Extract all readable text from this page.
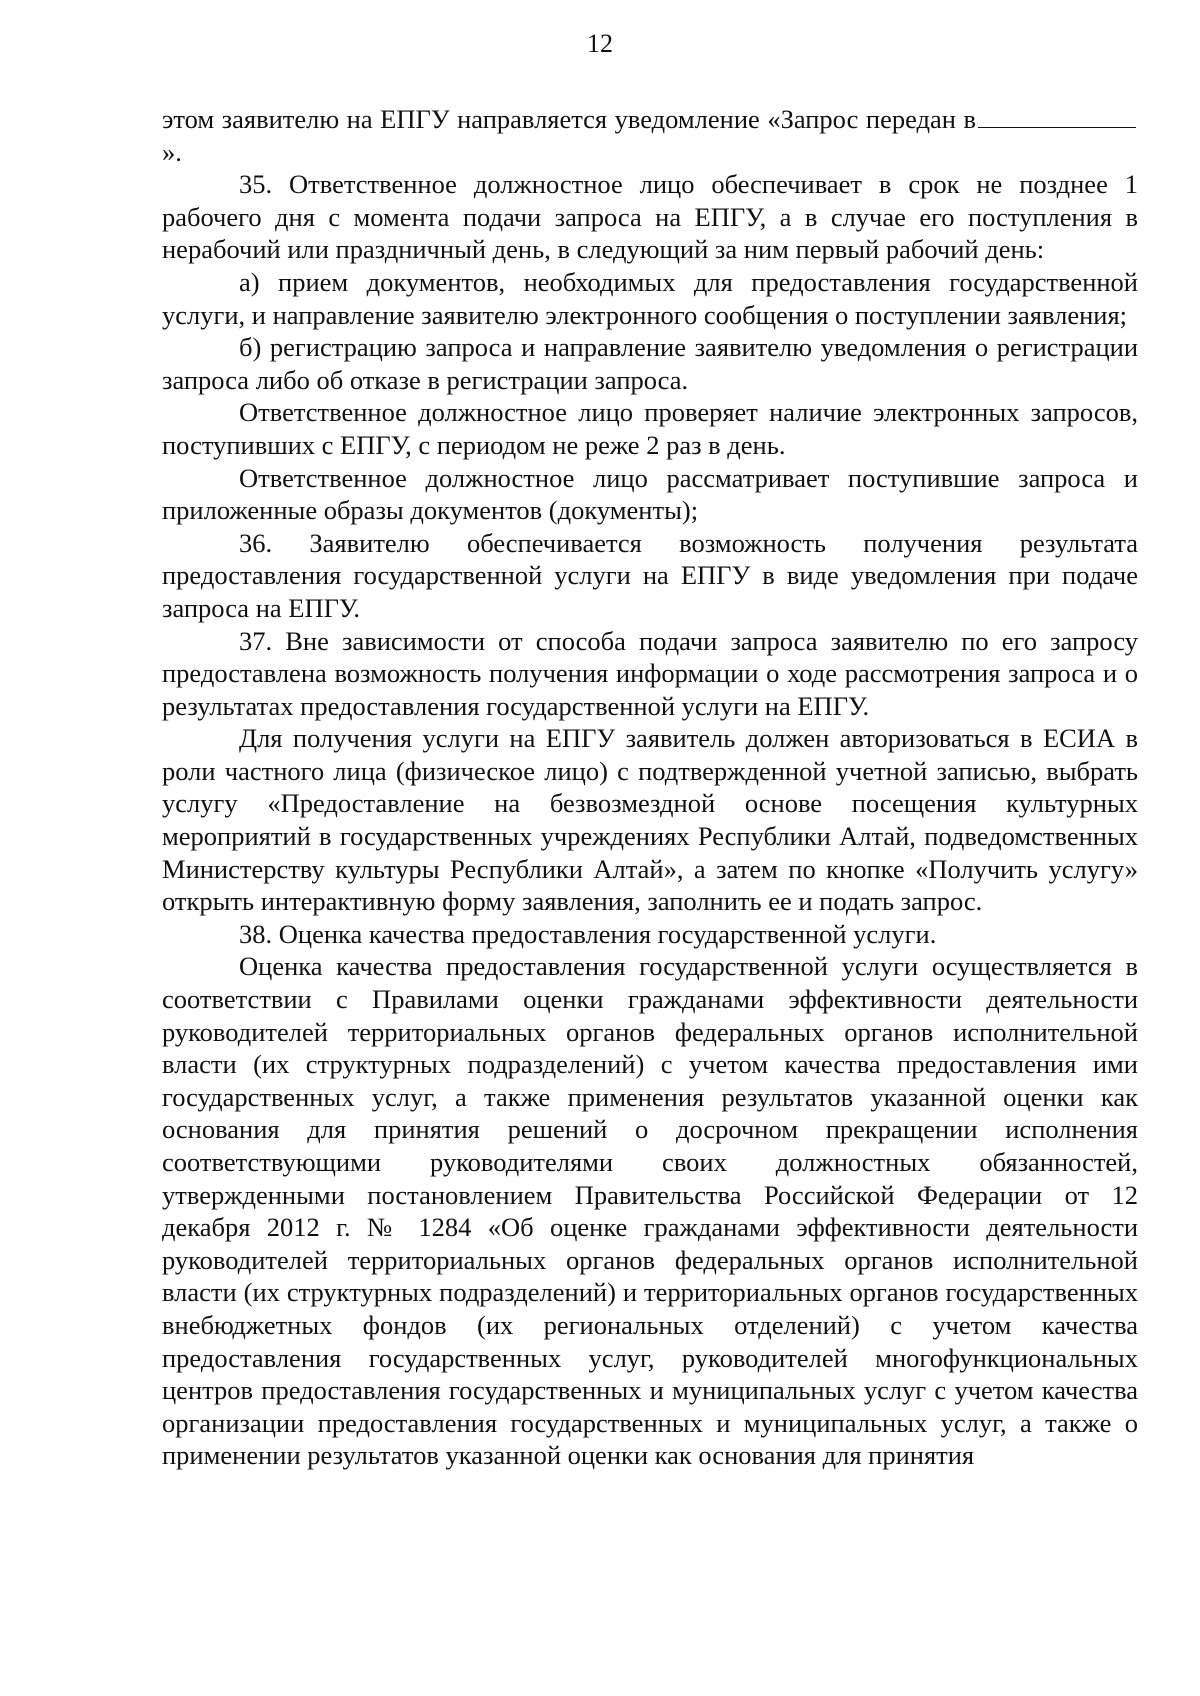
12

этом заявителю на ЕПГУ направляется уведомление «Запрос передан в».

35. Ответственное должностное лицо обеспечивает в срок не позднее 1 рабочего дня с момента подачи запроса на ЕПГУ, а в случае его поступления в нерабочий или праздничный день, в следующий за ним первый рабочий день:

а) прием документов, необходимых для предоставления государственной услуги, и направление заявителю электронного сообщения о поступлении заявления;

б) регистрацию запроса и направление заявителю уведомления о регистрации запроса либо об отказе в регистрации запроса.

Ответственное должностное лицо проверяет наличие электронных запросов, поступивших с ЕПГУ, с периодом не реже 2 раз в день.

Ответственное должностное лицо рассматривает поступившие запроса и приложенные образы документов (документы);

36. Заявителю обеспечивается возможность получения результата предоставления государственной услуги на ЕПГУ в виде уведомления при подаче запроса на ЕПГУ.

37. Вне зависимости от способа подачи запроса заявителю по его запросу предоставлена возможность получения информации о ходе рассмотрения запроса и о результатах предоставления государственной услуги на ЕПГУ.

Для получения услуги на ЕПГУ заявитель должен авторизоваться в ЕСИА в роли частного лица (физическое лицо) с подтвержденной учетной записью, выбрать услугу «Предоставление на безвозмездной основе посещения культурных мероприятий в государственных учреждениях Республики Алтай, подведомственных Министерству культуры Республики Алтай», а затем по кнопке «Получить услугу» открыть интерактивную форму заявления, заполнить ее и подать запрос.

38. Оценка качества предоставления государственной услуги.

Оценка качества предоставления государственной услуги осуществляется в соответствии с Правилами оценки гражданами эффективности деятельности руководителей территориальных органов федеральных органов исполнительной власти (их структурных подразделений) с учетом качества предоставления ими государственных услуг, а также применения результатов указанной оценки как основания для принятия решений о досрочном прекращении исполнения соответствующими руководителями своих должностных обязанностей, утвержденными постановлением Правительства Российской Федерации от 12 декабря 2012 г. № 1284 «Об оценке гражданами эффективности деятельности руководителей территориальных органов федеральных органов исполнительной власти (их структурных подразделений) и территориальных органов государственных внебюджетных фондов (их региональных отделений) с учетом качества предоставления государственных услуг, руководителей многофункциональных центров предоставления государственных и муниципальных услуг с учетом качества организации предоставления государственных и муниципальных услуг, а также о применении результатов указанной оценки как основания для принятия
